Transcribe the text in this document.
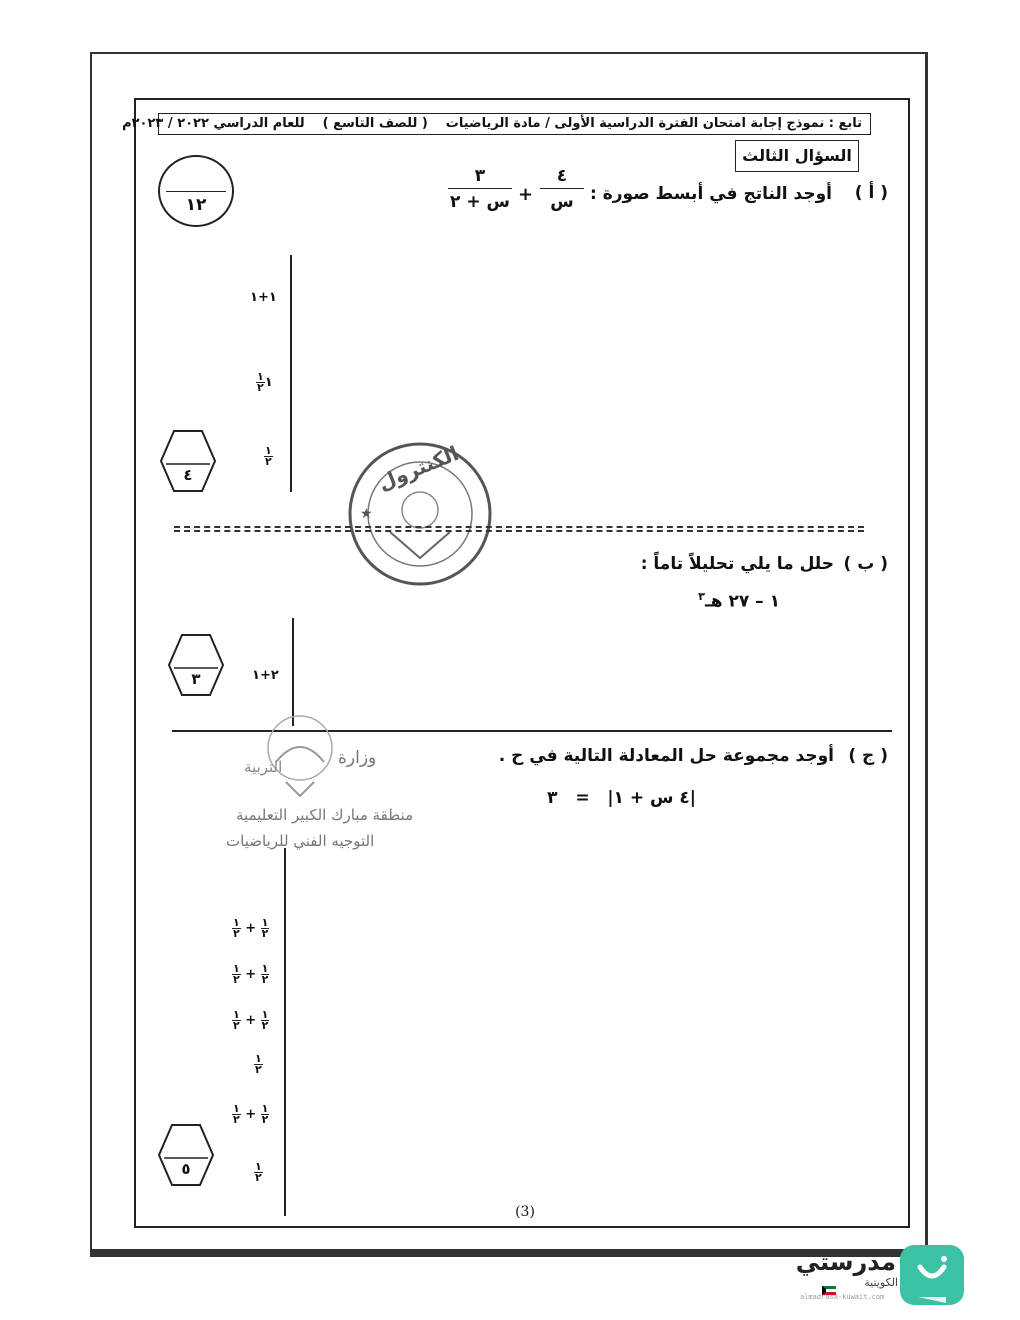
تابع : نموذج إجابة امتحان الفترة الدراسية الأولى / مادة الرياضيات( للصف التاسع )للعام الدراسي ٢٠٢٢ / ٢٠٢٣م
السؤال الثالث
١٢
( أ )
أوجد الناتج في أبسط صورة :
٣
س + ٢ +
٤
س
١+١
١
$\frac{١}{٢}$
$\frac{١}{٢}$
٤
★
الكنترول
( ب )
حلل ما يلي تحليلاً تاماً :
١ – ٢٧ هـ$^٣$
٢+١
٣
وزارة
التربية
منطقة مبارك الكبير التعليمية
التوجيه الفني للرياضيات
( ج )
أوجد مجموعة حل المعادلة التالية في ح .
|٤ س + ١|   =   ٣
$\frac{١}{٢}$
+
$\frac{١}{٢}$
$\frac{١}{٢}$
+
$\frac{١}{٢}$
$\frac{١}{٢}$
+
$\frac{١}{٢}$
$\frac{١}{٢}$
$\frac{١}{٢}$
+
$\frac{١}{٢}$
$\frac{١}{٢}$
٥
(3)
مدرستي
الكويتية
almadrasa-kuwait.com
